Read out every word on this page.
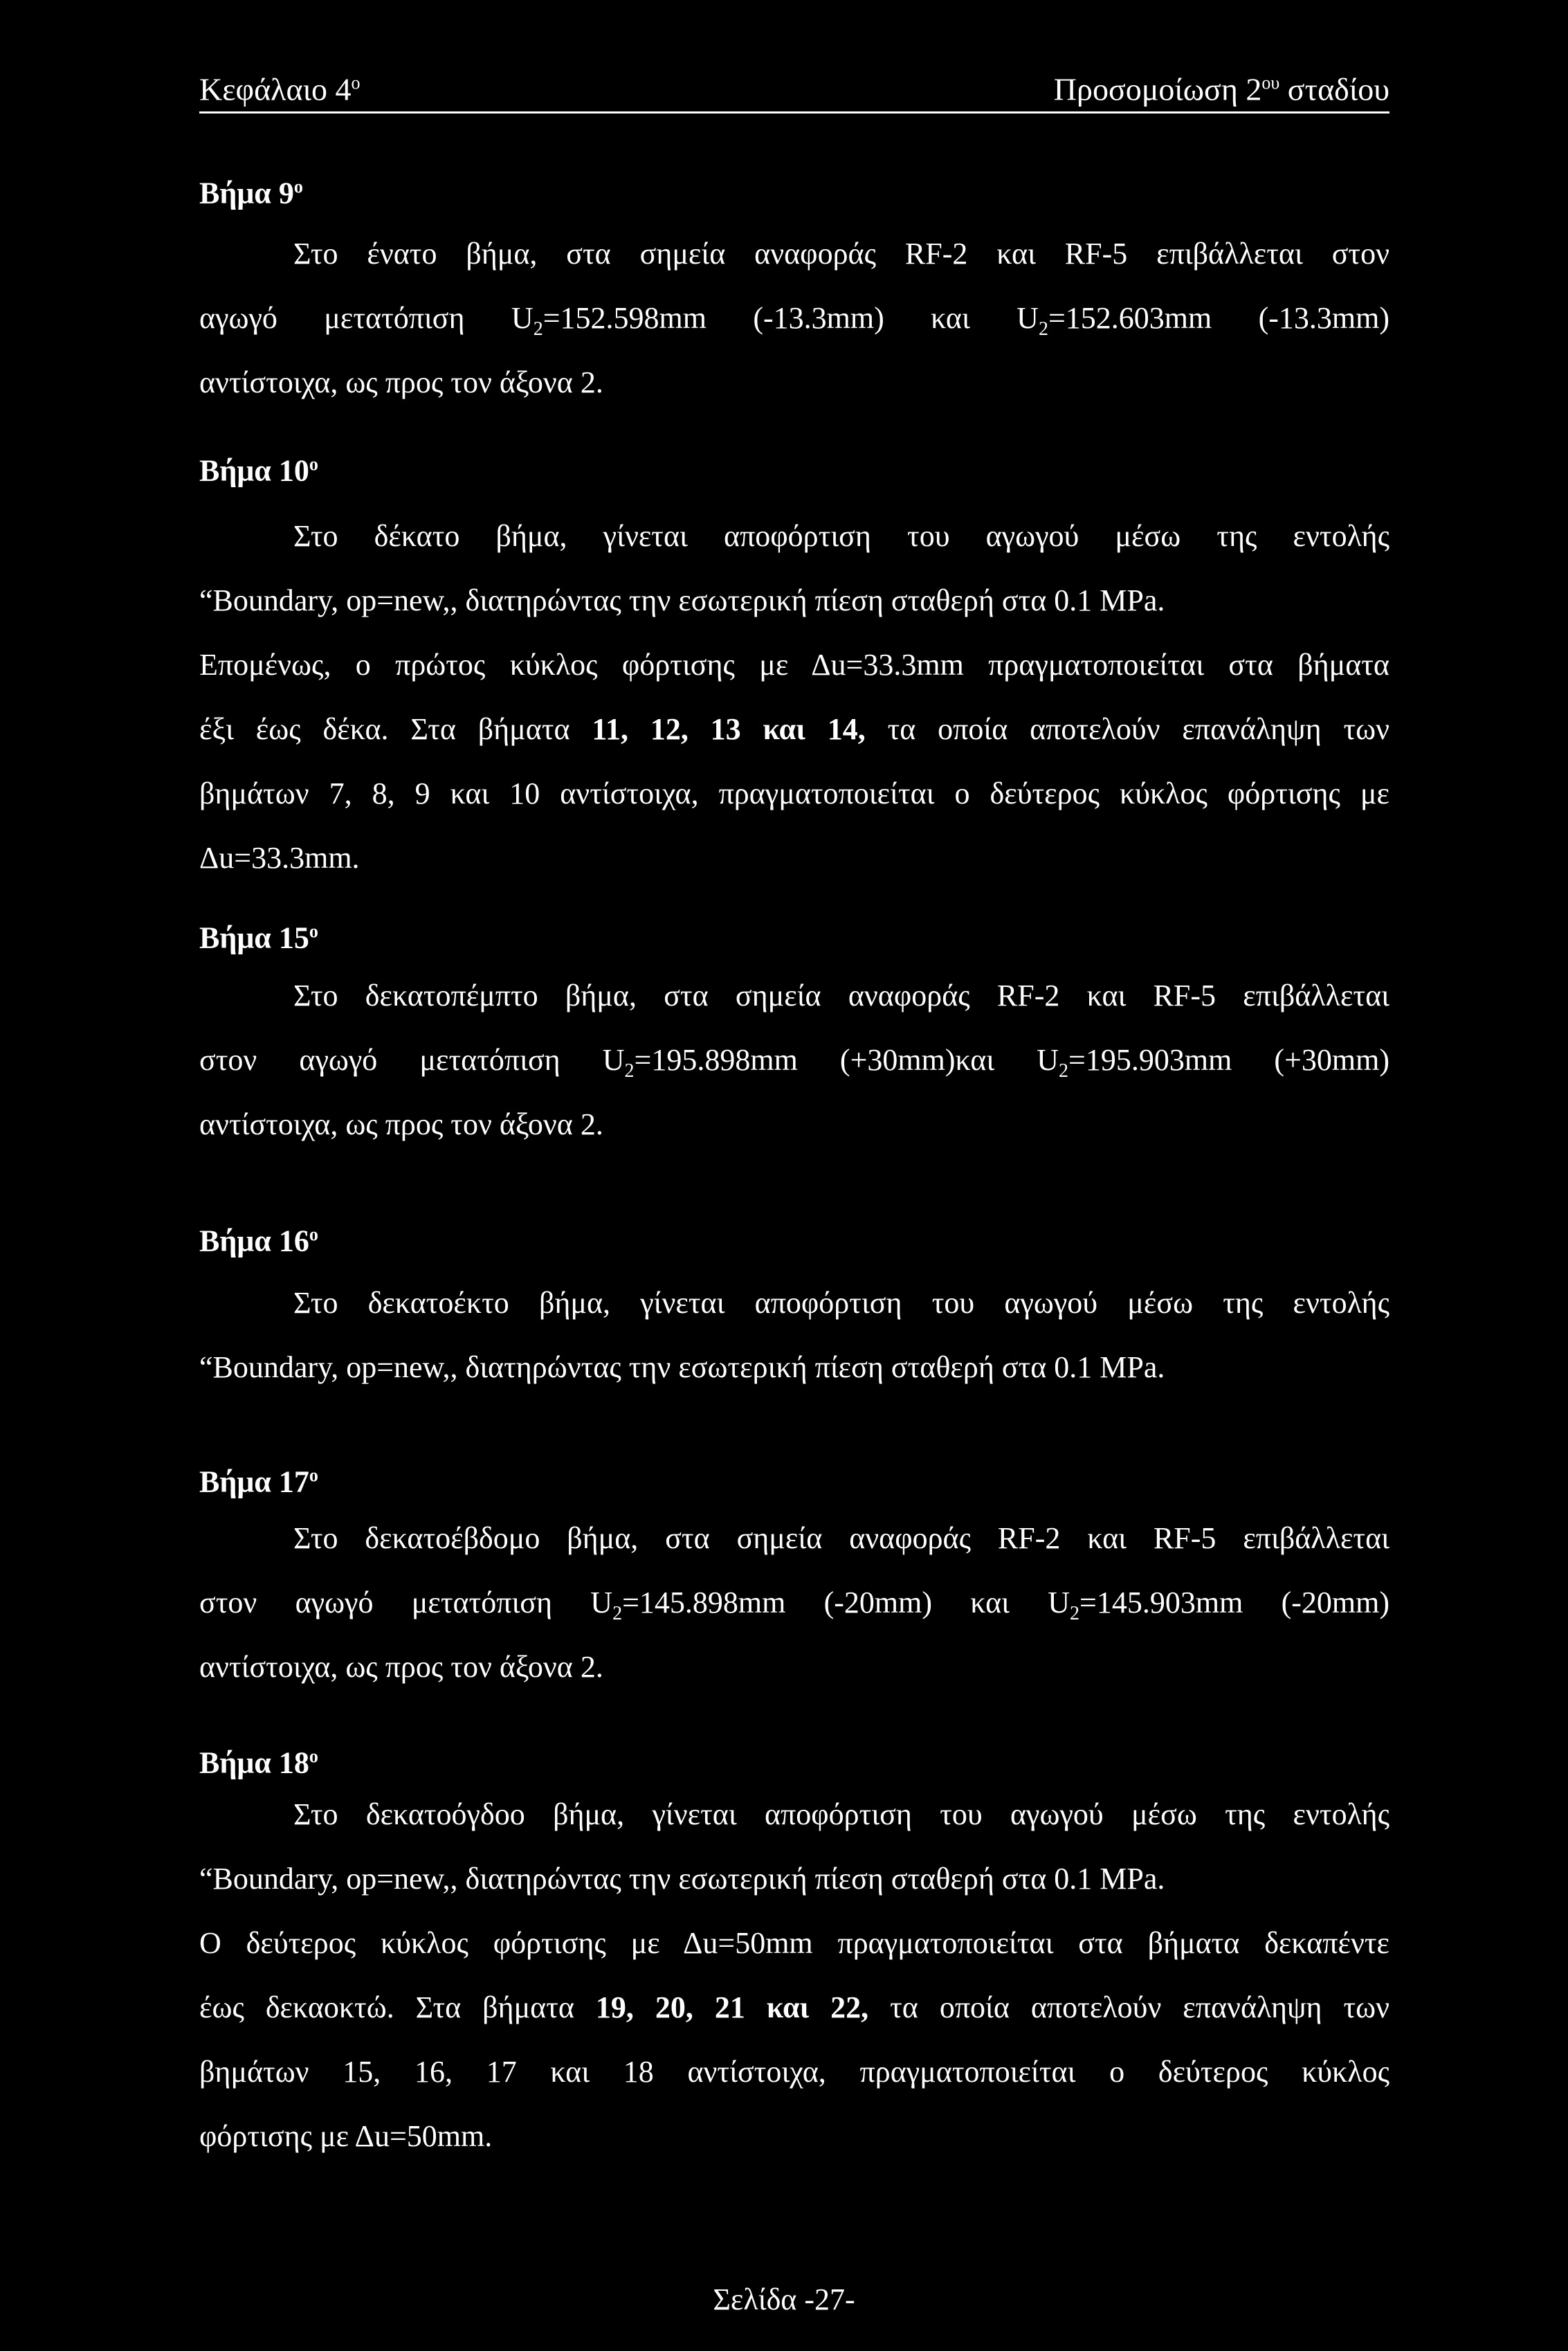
Κεφάλαιο $4^o$	Προσομοίωση $2^{o\upsilon}$ σταδίου
Βήμα $9^o$
Στο ένατο βήμα, στα σημεία αναφοράς RF-2 και RF-5 επιβάλλεται στον
αγωγό μετατόπιση $U_2=152.598mm$ (-13.3mm) και $U_2=152.603mm$ (-13.3mm)
αντίστοιχα, ως προς τον άξονα 2.
Βήμα $10^o$
Στο δέκατο βήμα, γίνεται αποφόρτιση του αγωγού μέσω της εντολής
“Boundary, op=new,, διατηρώντας την εσωτερική πίεση σταθερή στα 0.1 MPa.
Επομένως, ο πρώτος κύκλος φόρτισης με Δu=33.3mm πραγματοποιείται στα βήματα
έξι έως δέκα. Στα βήματα 11, 12, 13 και 14, τα οποία αποτελούν επανάληψη των
βημάτων 7, 8, 9 και 10 αντίστοιχα, πραγματοποιείται ο δεύτερος κύκλος φόρτισης με
Δu=33.3mm.
Βήμα $15^o$
Στο δεκατοπέμπτο βήμα, στα σημεία αναφοράς RF-2 και RF-5 επιβάλλεται
στον αγωγό μετατόπιση $U_2=195.898mm$ (+30mm)και $U_2=195.903mm$ (+30mm)
αντίστοιχα, ως προς τον άξονα 2.
Βήμα $16^o$
Στο δεκατοέκτο βήμα, γίνεται αποφόρτιση του αγωγού μέσω της εντολής
“Boundary, op=new,, διατηρώντας την εσωτερική πίεση σταθερή στα 0.1 MPa.
Βήμα $17^o$
Στο δεκατοέβδομο βήμα, στα σημεία αναφοράς RF-2 και RF-5 επιβάλλεται
στον αγωγό μετατόπιση $U_2=145.898mm$ (-20mm) και $U_2=145.903mm$ (-20mm)
αντίστοιχα, ως προς τον άξονα 2.
Βήμα $18^o$
Στο δεκατοόγδοο βήμα, γίνεται αποφόρτιση του αγωγού μέσω της εντολής
“Boundary, op=new,, διατηρώντας την εσωτερική πίεση σταθερή στα 0.1 MPa.
Ο δεύτερος κύκλος φόρτισης με Δu=50mm πραγματοποιείται στα βήματα δεκαπέντε
έως δεκαοκτώ. Στα βήματα 19, 20, 21 και 22, τα οποία αποτελούν επανάληψη των
βημάτων 15, 16, 17 και 18 αντίστοιχα, πραγματοποιείται ο δεύτερος κύκλος
φόρτισης με Δu=50mm.
Σελίδα -27-
